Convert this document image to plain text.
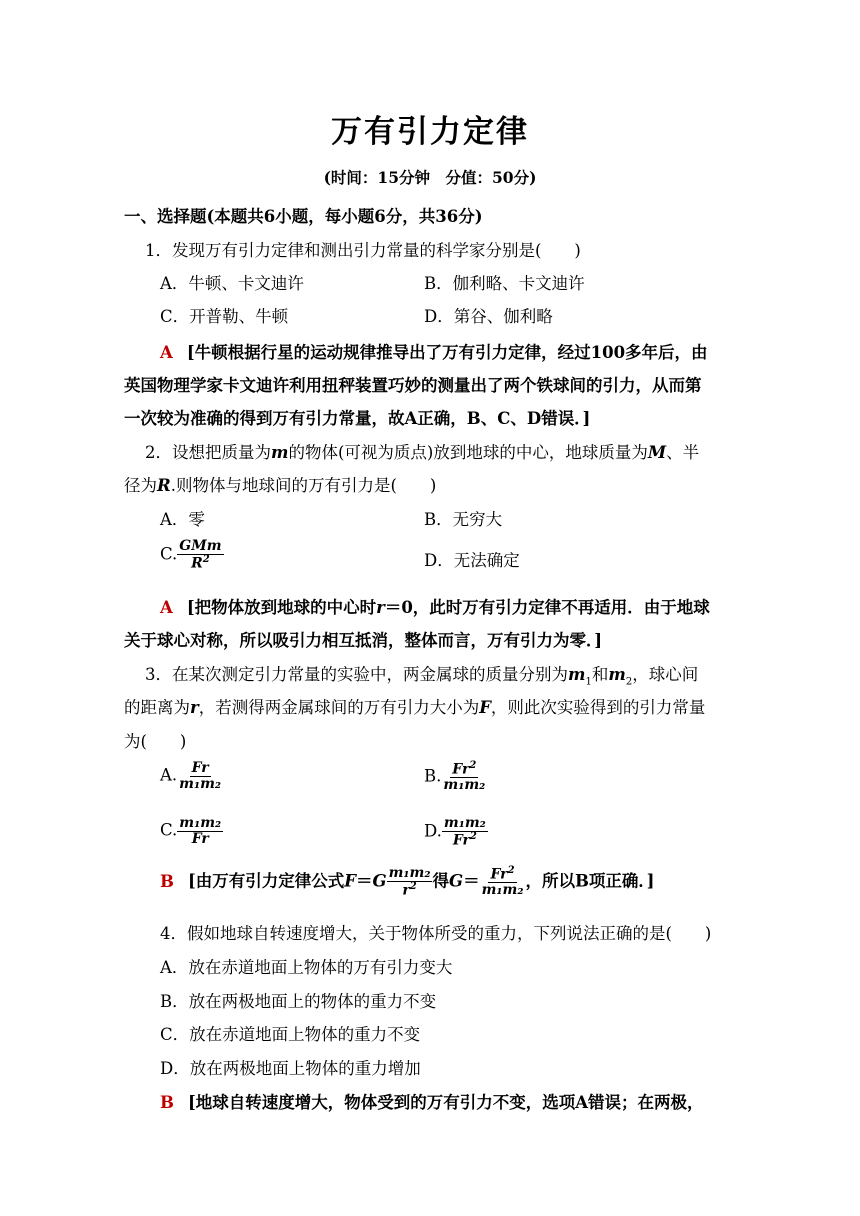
万有引力定律
(时间：15分钟　分值：50分)
一、选择题(本题共6小题，每小题6分，共36分)
1．发现万有引力定律和测出引力常量的科学家分别是(　　)
A．牛顿、卡文迪许	B．伽利略、卡文迪许
C．开普勒、牛顿	D．第谷、伽利略
A [牛顿根据行星的运动规律推导出了万有引力定律，经过100多年后，由
英国物理学家卡文迪许利用扭秤装置巧妙的测量出了两个铁球间的引力，从而第
一次较为准确的得到万有引力常量，故A正确，B、C、D错误．]
2．设想把质量为m的物体(可视为质点)放到地球的中心，地球质量为M、半
径为R.则物体与地球间的万有引力是(　　)
A．零	B．无穷大
C. $\frac{\text{GMm}}{R^2}$	D．无法确定
A [把物体放到地球的中心时r＝0，此时万有引力定律不再适用．由于地球
关于球心对称，所以吸引力相互抵消，整体而言，万有引力为零．]
3．在某次测定引力常量的实验中，两金属球的质量分别为$m_1$和$m_2$，球心间
的距离为r，若测得两金属球间的万有引力大小为F，则此次实验得到的引力常量
为(　　)
A. $\frac{Fr}{\text{m₁m₂}}$	B. $\frac{Fr^2}{\text{m₁m₂}}$
C. $\frac{\text{m₁m₂}}{Fr}$	D. $\frac{\text{m₁m₂}}{Fr^2}$
B [由万有引力定律公式$F=G \frac{\text{m₁m₂}}{r^2}$ 得$G= \frac{Fr^2}{\text{m₁m₂}}$ ，所以B项正确．]
4．假如地球自转速度增大，关于物体所受的重力，下列说法正确的是(　　)
A．放在赤道地面上物体的万有引力变大
B．放在两极地面上的物体的重力不变
C．放在赤道地面上物体的重力不变
D．放在两极地面上物体的重力增加
B [地球自转速度增大，物体受到的万有引力不变，选项A错误；在两极，
